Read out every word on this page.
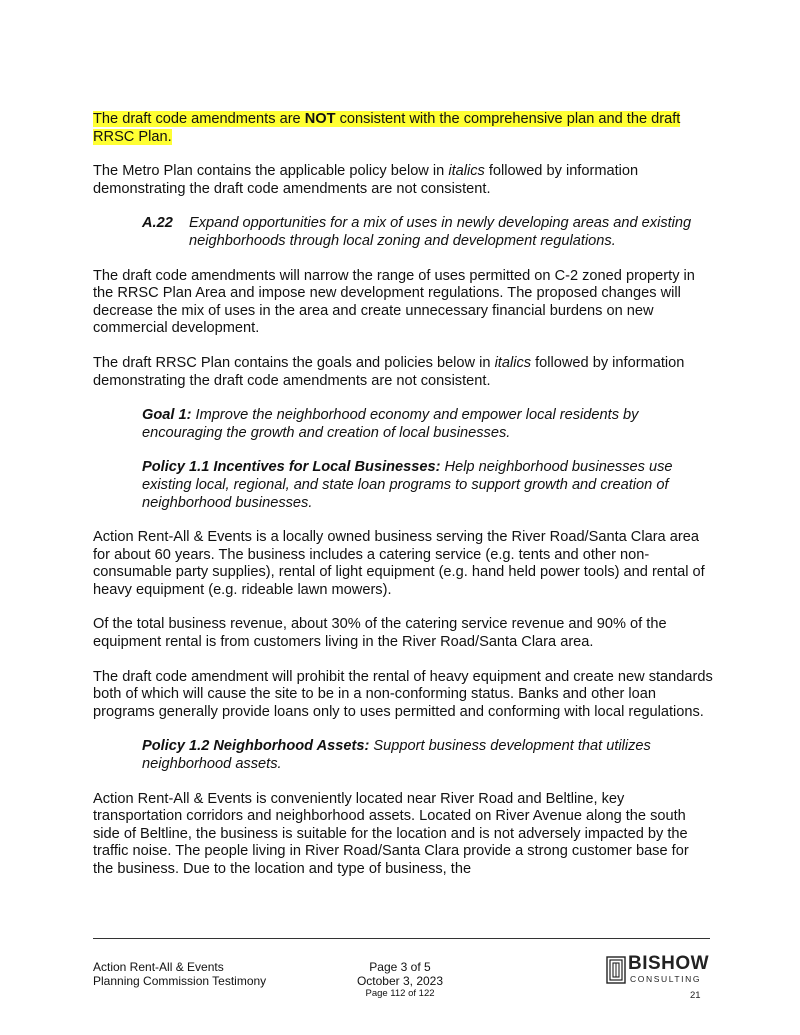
The draft code amendments are NOT consistent with the comprehensive plan and the draft RRSC Plan.

The Metro Plan contains the applicable policy below in italics followed by information demonstrating the draft code amendments are not consistent.

A.22 Expand opportunities for a mix of uses in newly developing areas and existing neighborhoods through local zoning and development regulations.

The draft code amendments will narrow the range of uses permitted on C-2 zoned property in the RRSC Plan Area and impose new development regulations. The proposed changes will decrease the mix of uses in the area and create unnecessary financial burdens on new commercial development.

The draft RRSC Plan contains the goals and policies below in italics followed by information demonstrating the draft code amendments are not consistent.

Goal 1: Improve the neighborhood economy and empower local residents by encouraging the growth and creation of local businesses.

Policy 1.1 Incentives for Local Businesses: Help neighborhood businesses use existing local, regional, and state loan programs to support growth and creation of neighborhood businesses.

Action Rent-All & Events is a locally owned business serving the River Road/Santa Clara area for about 60 years. The business includes a catering service (e.g. tents and other non-consumable party supplies), rental of light equipment (e.g. hand held power tools) and rental of heavy equipment (e.g. rideable lawn mowers).

Of the total business revenue, about 30% of the catering service revenue and 90% of the equipment rental is from customers living in the River Road/Santa Clara area.

The draft code amendment will prohibit the rental of heavy equipment and create new standards both of which will cause the site to be in a non-conforming status. Banks and other loan programs generally provide loans only to uses permitted and conforming with local regulations.

Policy 1.2 Neighborhood Assets: Support business development that utilizes neighborhood assets.

Action Rent-All & Events is conveniently located near River Road and Beltline, key transportation corridors and neighborhood assets. Located on River Avenue along the south side of Beltline, the business is suitable for the location and is not adversely impacted by the traffic noise. The people living in River Road/Santa Clara provide a strong customer base for the business. Due to the location and type of business, the

Action Rent-All & Events
Planning Commission Testimony
Page 3 of 5
October 3, 2023
Page 112 of 122
BISHOW
CONSULTING
21
